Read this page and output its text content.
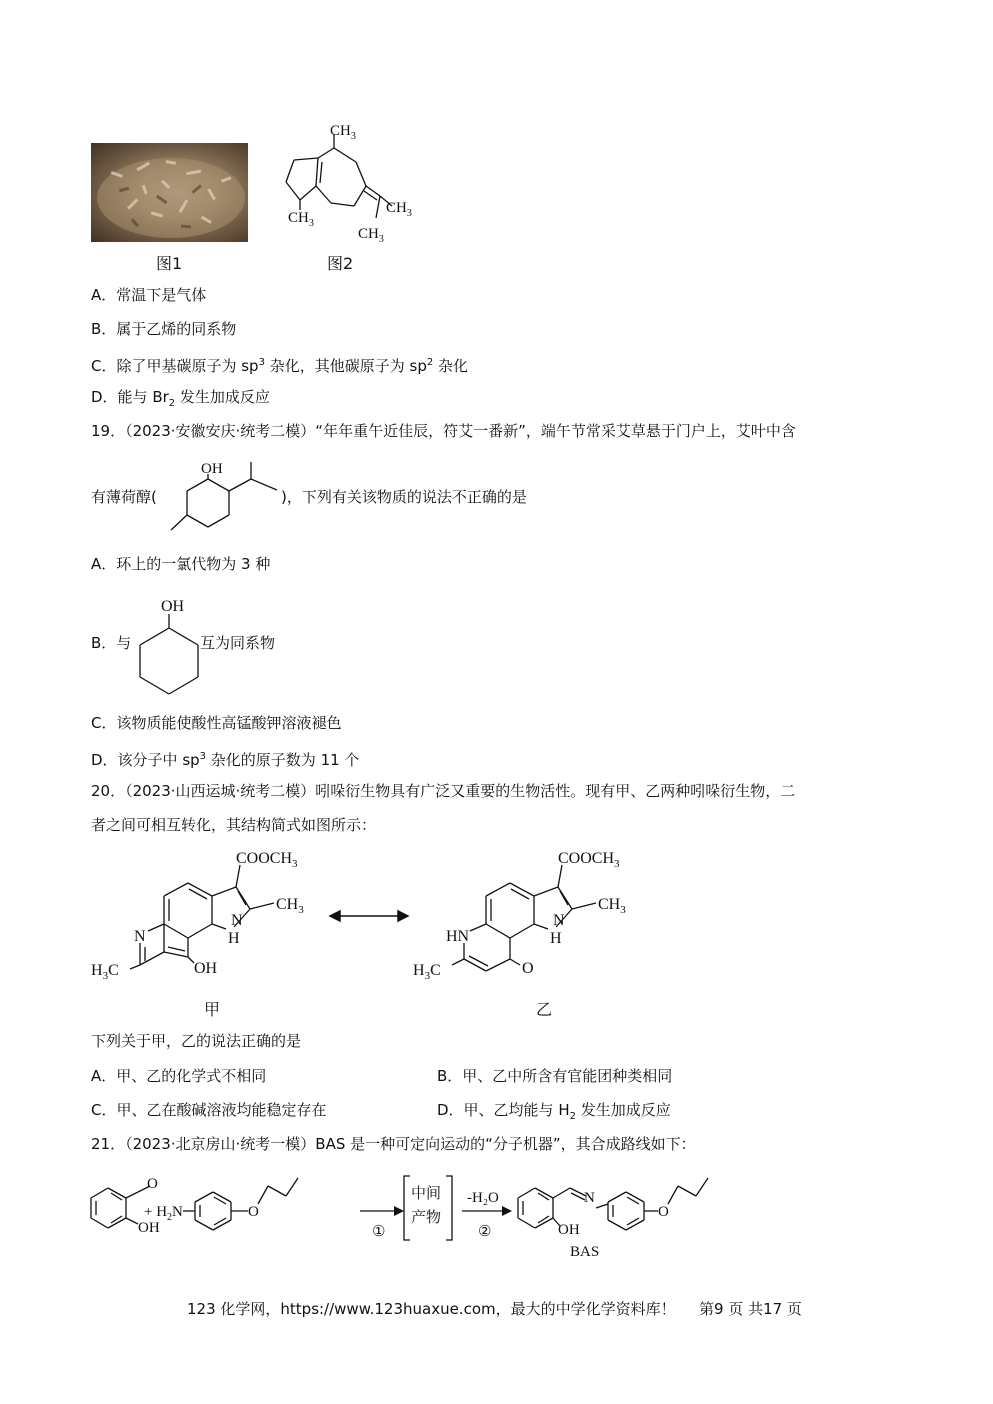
$CH_3$
$CH_3$
$CH_3$
$CH_3$
图1	图2
A．常温下是气体
B．属于乙烯的同系物
C．除了甲基碳原子为 $sp^3$ 杂化，其他碳原子为 $sp^2$ 杂化
D．能与 $Br_2$ 发生加成反应
19．（2023·安徽安庆·统考二模）“年年重午近佳辰，符艾一番新”，端午节常采艾草悬于门户上，艾叶中含
有薄荷醇(
OH
)，下列有关该物质的说法不正确的是
A．环上的一氯代物为 3 种
B．与
OH
互为同系物
C．该物质能使酸性高锰酸钾溶液褪色
D．该分子中 $sp^3$ 杂化的原子数为 11 个
20．（2023·山西运城·统考二模）吲哚衍生物具有广泛又重要的生物活性。现有甲、乙两种吲哚衍生物，二
者之间可相互转化，其结构简式如图所示：
$COOCH_3$
$CH_3$
N
H
N
$H_3C$	OH
$COOCH_3$
$CH_3$
N
H
HN
$H_3C$	O
甲	乙
下列关于甲，乙的说法正确的是
A．甲、乙的化学式不相同	B．甲、乙中所含有官能团种类相同
C．甲、乙在酸碱溶液均能稳定存在	D．甲、乙均能与 $H_2$ 发生加成反应
21．（2023·北京房山·统考一模）BAS 是一种可定向运动的“分子机器”，其合成路线如下：
O
OH
+ $H_2N$	O
①
中间
产物
-H₂O
②
N
OH
O
BAS
123 化学网，https://www.123huaxue.com，最大的中学化学资料库！ 第9 页 共17 页
